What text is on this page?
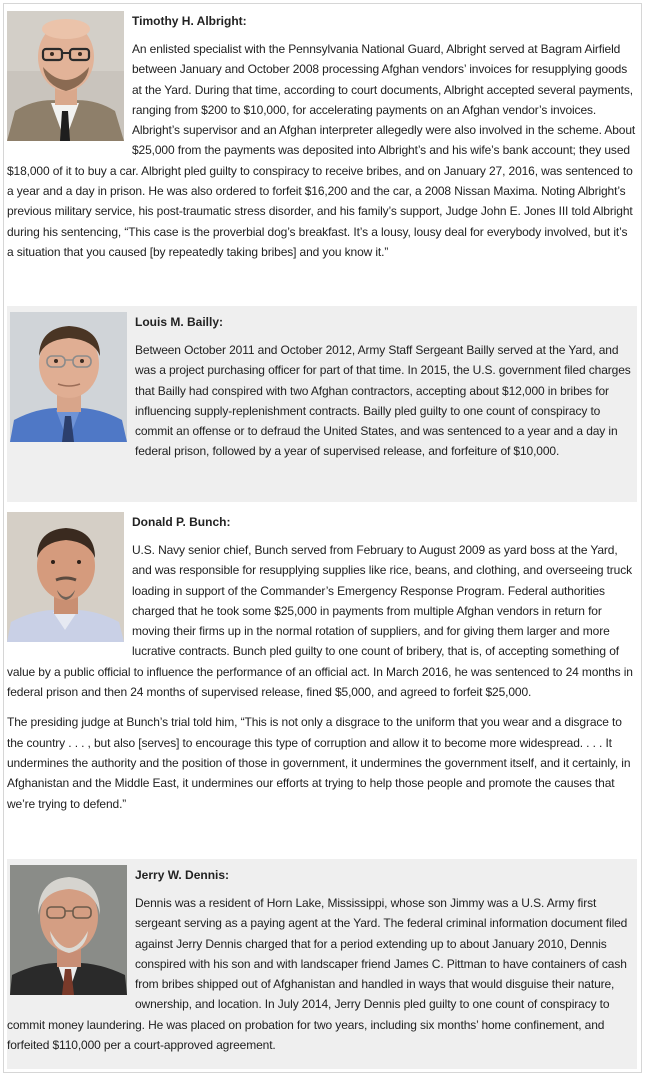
Timothy H. Albright:

An enlisted specialist with the Pennsylvania National Guard, Albright served at Bagram Airfield between January and October 2008 processing Afghan vendors’ invoices for resupplying goods at the Yard. During that time, according to court documents, Albright accepted several payments, ranging from $200 to $10,000, for accelerating payments on an Afghan vendor’s invoices. Albright’s supervisor and an Afghan interpreter allegedly were also involved in the scheme. About $25,000 from the payments was deposited into Albright’s and his wife’s bank account; they used $18,000 of it to buy a car. Albright pled guilty to conspiracy to receive bribes, and on January 27, 2016, was sentenced to a year and a day in prison. He was also ordered to forfeit $16,200 and the car, a 2008 Nissan Maxima. Noting Albright’s previous military service, his post-traumatic stress disorder, and his family’s support, Judge John E. Jones III told Albright during his sentencing, “This case is the proverbial dog’s breakfast. It’s a lousy, lousy deal for everybody involved, but it’s a situation that you caused [by repeatedly taking bribes] and you know it.”

Louis M. Bailly:

Between October 2011 and October 2012, Army Staff Sergeant Bailly served at the Yard, and was a project purchasing officer for part of that time. In 2015, the U.S. government filed charges that Bailly had conspired with two Afghan contractors, accepting about $12,000 in bribes for influencing supply-replenishment contracts. Bailly pled guilty to one count of conspiracy to commit an offense or to defraud the United States, and was sentenced to a year and a day in federal prison, followed by a year of supervised release, and forfeiture of $10,000.

Donald P. Bunch:

U.S. Navy senior chief, Bunch served from February to August 2009 as yard boss at the Yard, and was responsible for resupplying supplies like rice, beans, and clothing, and overseeing truck loading in support of the Commander’s Emergency Response Program. Federal authorities charged that he took some $25,000 in payments from multiple Afghan vendors in return for moving their firms up in the normal rotation of suppliers, and for giving them larger and more lucrative contracts. Bunch pled guilty to one count of bribery, that is, of accepting something of value by a public official to influence the performance of an official act. In March 2016, he was sentenced to 24 months in federal prison and then 24 months of supervised release, fined $5,000, and agreed to forfeit $25,000.

The presiding judge at Bunch’s trial told him, “This is not only a disgrace to the uniform that you wear and a disgrace to the country . . . , but also [serves] to encourage this type of corruption and allow it to become more widespread. . . . It undermines the authority and the position of those in government, it undermines the government itself, and it certainly, in Afghanistan and the Middle East, it undermines our efforts at trying to help those people and promote the causes that we’re trying to defend.”

Jerry W. Dennis:

Dennis was a resident of Horn Lake, Mississippi, whose son Jimmy was a U.S. Army first sergeant serving as a paying agent at the Yard. The federal criminal information document filed against Jerry Dennis charged that for a period extending up to about January 2010, Dennis conspired with his son and with landscaper friend James C. Pittman to have containers of cash from bribes shipped out of Afghanistan and handled in ways that would disguise their nature, ownership, and location. In July 2014, Jerry Dennis pled guilty to one count of conspiracy to commit money laundering. He was placed on probation for two years, including six months’ home confinement, and forfeited $110,000 per a court-approved agreement.
